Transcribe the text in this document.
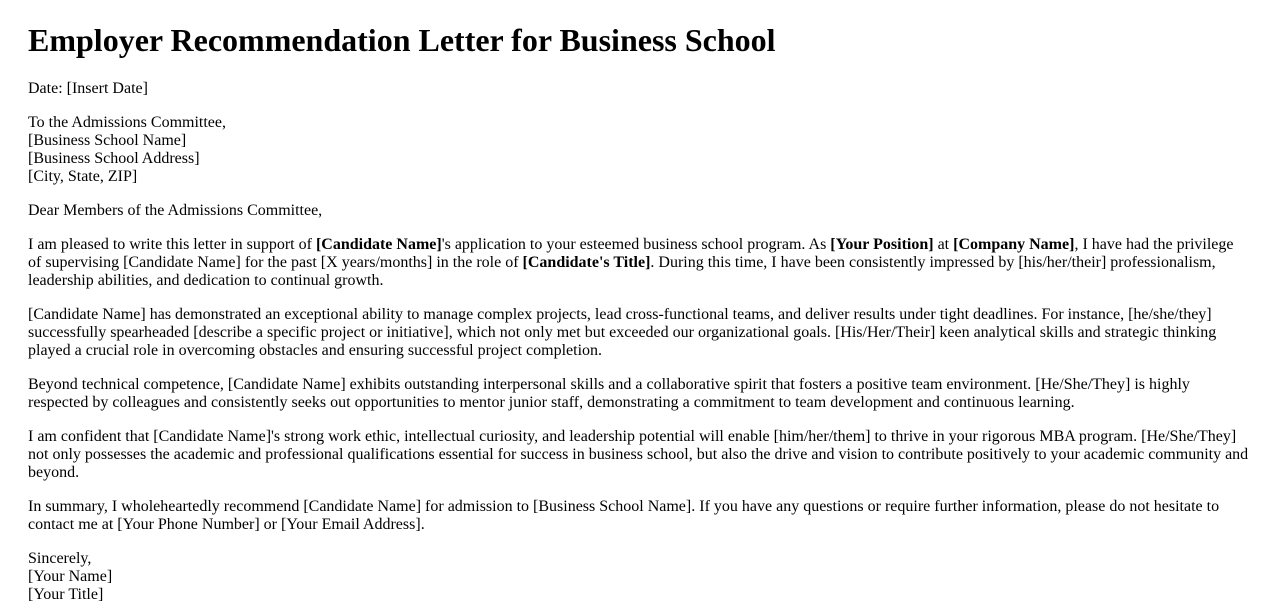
Employer Recommendation Letter for Business School
Date: [Insert Date]
To the Admissions Committee,
[Business School Name]
[Business School Address]
[City, State, ZIP]
Dear Members of the Admissions Committee,

I am pleased to write this letter in support of [Candidate Name]'s application to your esteemed business school program. As [Your Position] at [Company Name], I have had the privilege of supervising [Candidate Name] for the past [X years/months] in the role of [Candidate's Title]. During this time, I have been consistently impressed by [his/her/their] professionalism, leadership abilities, and dedication to continual growth.

[Candidate Name] has demonstrated an exceptional ability to manage complex projects, lead cross-functional teams, and deliver results under tight deadlines. For instance, [he/she/they] successfully spearheaded [describe a specific project or initiative], which not only met but exceeded our organizational goals. [His/Her/Their] keen analytical skills and strategic thinking played a crucial role in overcoming obstacles and ensuring successful project completion.

Beyond technical competence, [Candidate Name] exhibits outstanding interpersonal skills and a collaborative spirit that fosters a positive team environment. [He/She/They] is highly respected by colleagues and consistently seeks out opportunities to mentor junior staff, demonstrating a commitment to team development and continuous learning.

I am confident that [Candidate Name]'s strong work ethic, intellectual curiosity, and leadership potential will enable [him/her/them] to thrive in your rigorous MBA program. [He/She/They] not only possesses the academic and professional qualifications essential for success in business school, but also the drive and vision to contribute positively to your academic community and beyond.

In summary, I wholeheartedly recommend [Candidate Name] for admission to [Business School Name]. If you have any questions or require further information, please do not hesitate to contact me at [Your Phone Number] or [Your Email Address].

Sincerely,
[Your Name]
[Your Title]
